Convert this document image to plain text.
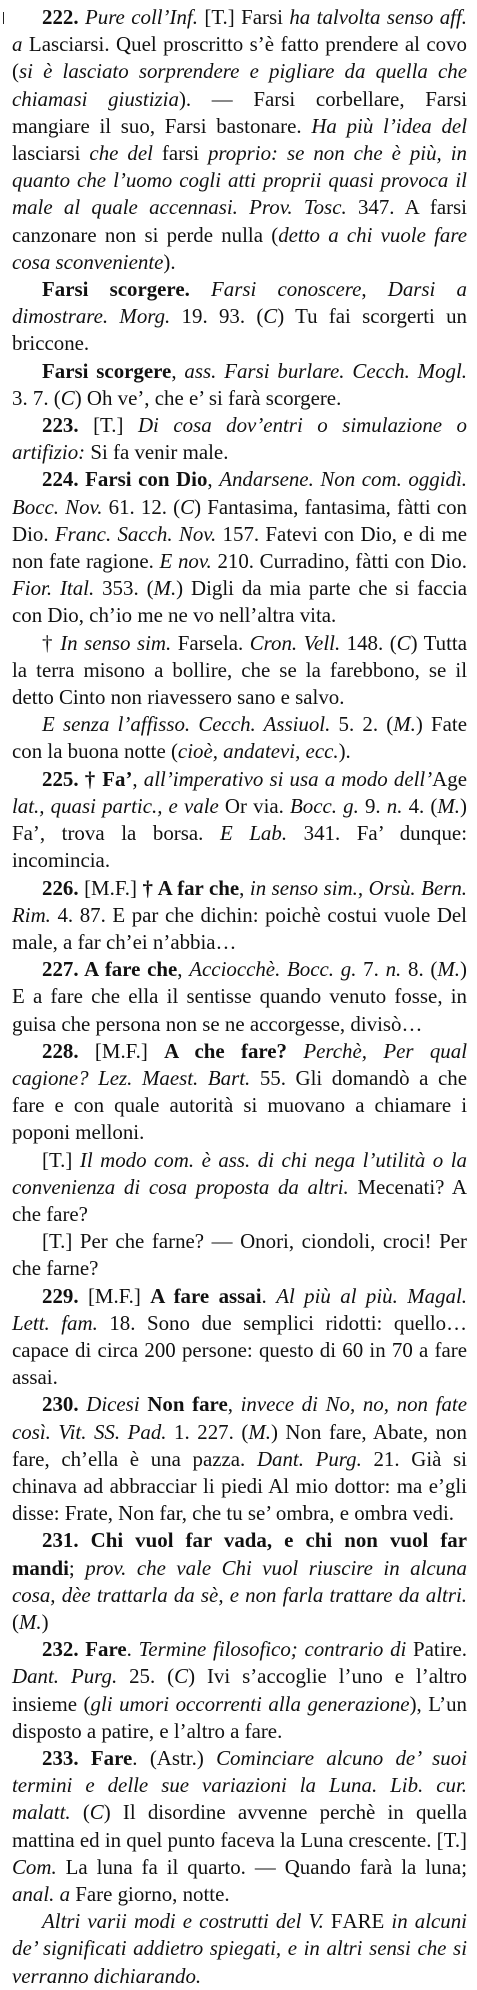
222. Pure coll’Inf. [T.] Farsi ha talvolta senso aff. a Lasciarsi. Quel proscritto s’è fatto prendere al covo (si è lasciato sorprendere e pigliare da quella che chiamasi giustizia). — Farsi corbellare, Farsi mangiare il suo, Farsi bastonare. Ha più l’idea del lasciarsi che del farsi proprio: se non che è più, in quanto che l’uomo cogli atti proprii quasi provoca il male al quale accennasi. Prov. Tosc. 347. A farsi canzonare non si perde nulla (detto a chi vuole fare cosa sconveniente).

Farsi scorgere. Farsi conoscere, Darsi a dimostrare. Morg. 19. 93. (C) Tu fai scorgerti un briccone.

Farsi scorgere, ass. Farsi burlare. Cecch. Mogl. 3. 7. (C) Oh ve’, che e’ si farà scorgere.

223. [T.] Di cosa dov’entri o simulazione o artifizio: Si fa venir male.

224. Farsi con Dio, Andarsene. Non com. oggidì. Bocc. Nov. 61. 12. (C) Fantasima, fantasima, fàtti con Dio. Franc. Sacch. Nov. 157. Fatevi con Dio, e di me non fate ragione. E nov. 210. Curradino, fàtti con Dio. Fior. Ital. 353. (M.) Digli da mia parte che si faccia con Dio, ch’io me ne vo nell’altra vita.

† In senso sim. Farsela. Cron. Vell. 148. (C) Tutta la terra misono a bollire, che se la farebbono, se il detto Cinto non riavessero sano e salvo.

E senza l’affisso. Cecch. Assiuol. 5. 2. (M.) Fate con la buona notte (cioè, andatevi, ecc.).

225. † Fa’, all’imperativo si usa a modo dell’Age lat., quasi partic., e vale Or via. Bocc. g. 9. n. 4. (M.) Fa’, trova la borsa. E Lab. 341. Fa’ dunque: incomincia.

226. [M.F.] † A far che, in senso sim., Orsù. Bern. Rim. 4. 87. E par che dichin: poichè costui vuole Del male, a far ch’ei n’abbia…

227. A fare che, Acciocchè. Bocc. g. 7. n. 8. (M.) E a fare che ella il sentisse quando venuto fosse, in guisa che persona non se ne accorgesse, divisò…

228. [M.F.] A che fare? Perchè, Per qual cagione? Lez. Maest. Bart. 55. Gli domandò a che fare e con quale autorità si muovano a chiamare i poponi melloni.

[T.] Il modo com. è ass. di chi nega l’utilità o la convenienza di cosa proposta da altri. Mecenati? A che fare?

[T.] Per che farne? — Onori, ciondoli, croci! Per che farne?

229. [M.F.] A fare assai. Al più al più. Magal. Lett. fam. 18. Sono due semplici ridotti: quello… capace di circa 200 persone: questo di 60 in 70 a fare assai.

230. Dicesi Non fare, invece di No, no, non fate così. Vit. SS. Pad. 1. 227. (M.) Non fare, Abate, non fare, ch’ella è una pazza. Dant. Purg. 21. Già si chinava ad abbracciar li piedi Al mio dottor: ma e’gli disse: Frate, Non far, che tu se’ ombra, e ombra vedi.

231. Chi vuol far vada, e chi non vuol far mandi; prov. che vale Chi vuol riuscire in alcuna cosa, dèe trattarla da sè, e non farla trattare da altri. (M.)

232. Fare. Termine filosofico; contrario di Patire. Dant. Purg. 25. (C) Ivi s’accoglie l’uno e l’altro insieme (gli umori occorrenti alla generazione), L’un disposto a patire, e l’altro a fare.

233. Fare. (Astr.) Cominciare alcuno de’ suoi termini e delle sue variazioni la Luna. Lib. cur. malatt. (C) Il disordine avvenne perchè in quella mattina ed in quel punto faceva la Luna crescente. [T.] Com. La luna fa il quarto. — Quando farà la luna; anal. a Fare giorno, notte.

Altri varii modi e costrutti del V. FARE in alcuni de’ significati addietro spiegati, e in altri sensi che si verranno dichiarando.
